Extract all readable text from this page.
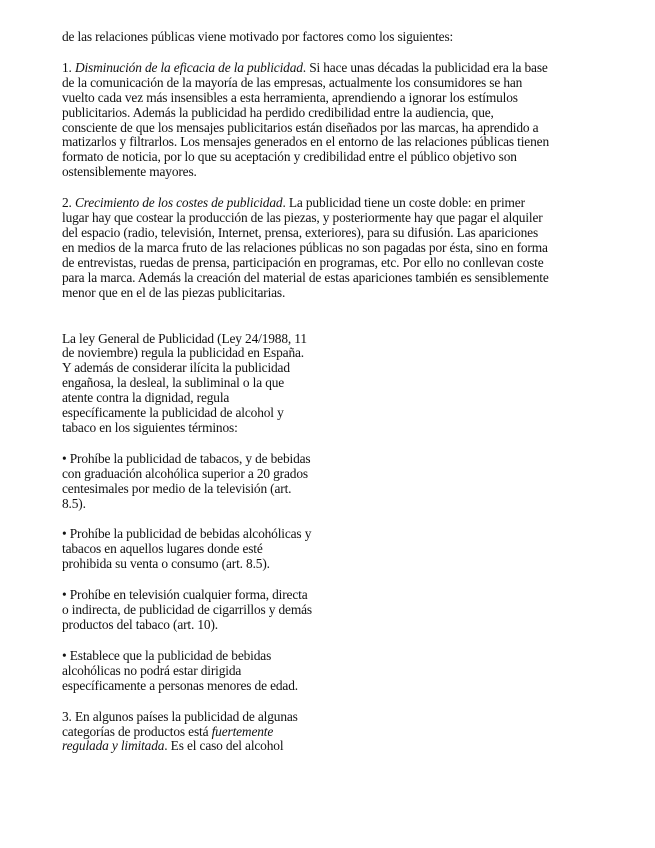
de las relaciones públicas viene motivado por factores como los siguientes:

1. Disminución de la eficacia de la publicidad. Si hace unas décadas la publicidad era la base de la comunicación de la mayoría de las empresas, actualmente los consumidores se han vuelto cada vez más insensibles a esta herramienta, aprendiendo a ignorar los estímulos publicitarios. Además la publicidad ha perdido credibilidad entre la audiencia, que, consciente de que los mensajes publicitarios están diseñados por las marcas, ha aprendido a matizarlos y filtrarlos. Los mensajes generados en el entorno de las relaciones públicas tienen formato de noticia, por lo que su aceptación y credibilidad entre el público objetivo son ostensiblemente mayores.

2. Crecimiento de los costes de publicidad. La publicidad tiene un coste doble: en primer lugar hay que costear la producción de las piezas, y posteriormente hay que pagar el alquiler del espacio (radio, televisión, Internet, prensa, exteriores), para su difusión. Las apariciones en medios de la marca fruto de las relaciones públicas no son pagadas por ésta, sino en forma de entrevistas, ruedas de prensa, participación en programas, etc. Por ello no conllevan coste para la marca. Además la creación del material de estas apariciones también es sensiblemente menor que en el de las piezas publicitarias.

La ley General de Publicidad (Ley 24/1988, 11 de noviembre) regula la publicidad en España. Y además de considerar ilícita la publicidad engañosa, la desleal, la subliminal o la que atente contra la dignidad, regula específicamente la publicidad de alcohol y tabaco en los siguientes términos:

• Prohíbe la publicidad de tabacos, y de bebidas con graduación alcohólica superior a 20 grados centesimales por medio de la televisión (art. 8.5).

• Prohíbe la publicidad de bebidas alcohólicas y tabacos en aquellos lugares donde esté prohibida su venta o consumo (art. 8.5).

• Prohíbe en televisión cualquier forma, directa o indirecta, de publicidad de cigarrillos y demás productos del tabaco (art. 10).

• Establece que la publicidad de bebidas alcohólicas no podrá estar dirigida específicamente a personas menores de edad.

3. En algunos países la publicidad de algunas categorías de productos está fuertemente regulada y limitada. Es el caso del alcohol
